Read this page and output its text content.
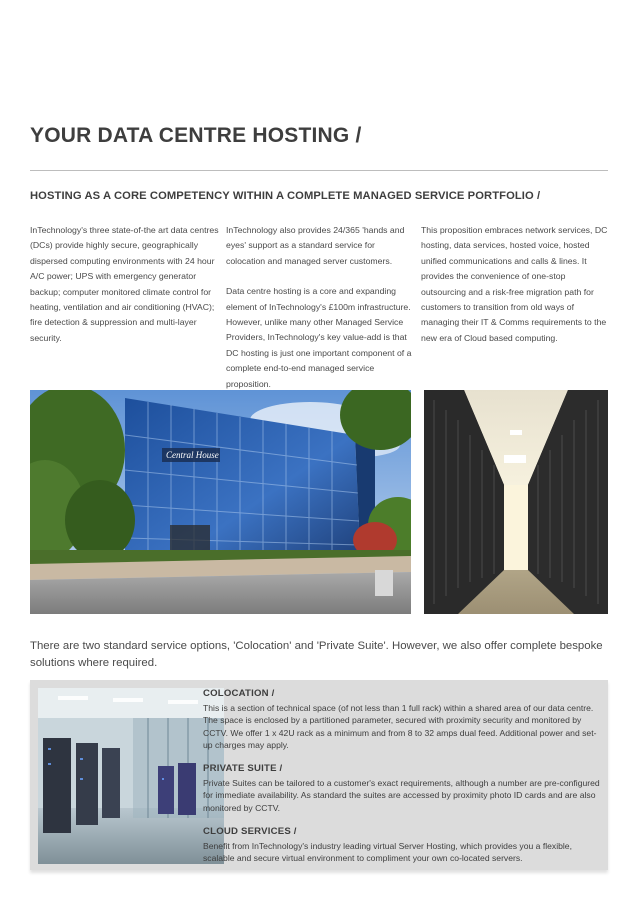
YOUR DATA CENTRE HOSTING /
HOSTING AS A CORE COMPETENCY WITHIN A COMPLETE MANAGED SERVICE PORTFOLIO /

InTechnology's three state-of-the art data centres (DCs) provide highly secure, geographically dispersed computing environments with 24 hour A/C power; UPS with emergency generator backup; computer monitored climate control for heating, ventilation and air conditioning (HVAC); fire detection & suppression and multi-layer security.

InTechnology also provides 24/365 'hands and eyes' support as a standard service for colocation and managed server customers.

Data centre hosting is a core and expanding element of InTechnology's £100m infrastructure. However, unlike many other Managed Service Providers, InTechnology's key value-add is that DC hosting is just one important component of a complete end-to-end managed service proposition.

This proposition embraces network services, DC hosting, data services, hosted voice, hosted unified communications and calls & lines. It provides the convenience of one-stop outsourcing and a risk-free migration path for customers to transition from old ways of managing their IT & Comms requirements to the new era of Cloud based computing.

Central House

There are two standard service options, 'Colocation' and 'Private Suite'. However, we also offer complete bespoke solutions where required.

COLOCATION /

This is a section of technical space (of not less than 1 full rack) within a shared area of our data centre. The space is enclosed by a partitioned parameter, secured with proximity security and monitored by CCTV. We offer 1 x 42U rack as a minimum and from 8 to 32 amps dual feed. Additional power and set-up charges may apply.

PRIVATE SUITE /

Private Suites can be tailored to a customer's exact requirements, although a number are pre-configured for immediate availability. As standard the suites are accessed by proximity photo ID cards and are also monitored by CCTV.

CLOUD SERVICES /

Benefit from InTechnology's industry leading virtual Server Hosting, which provides you a flexible, scalable and secure virtual environment to compliment your own co-located servers.
